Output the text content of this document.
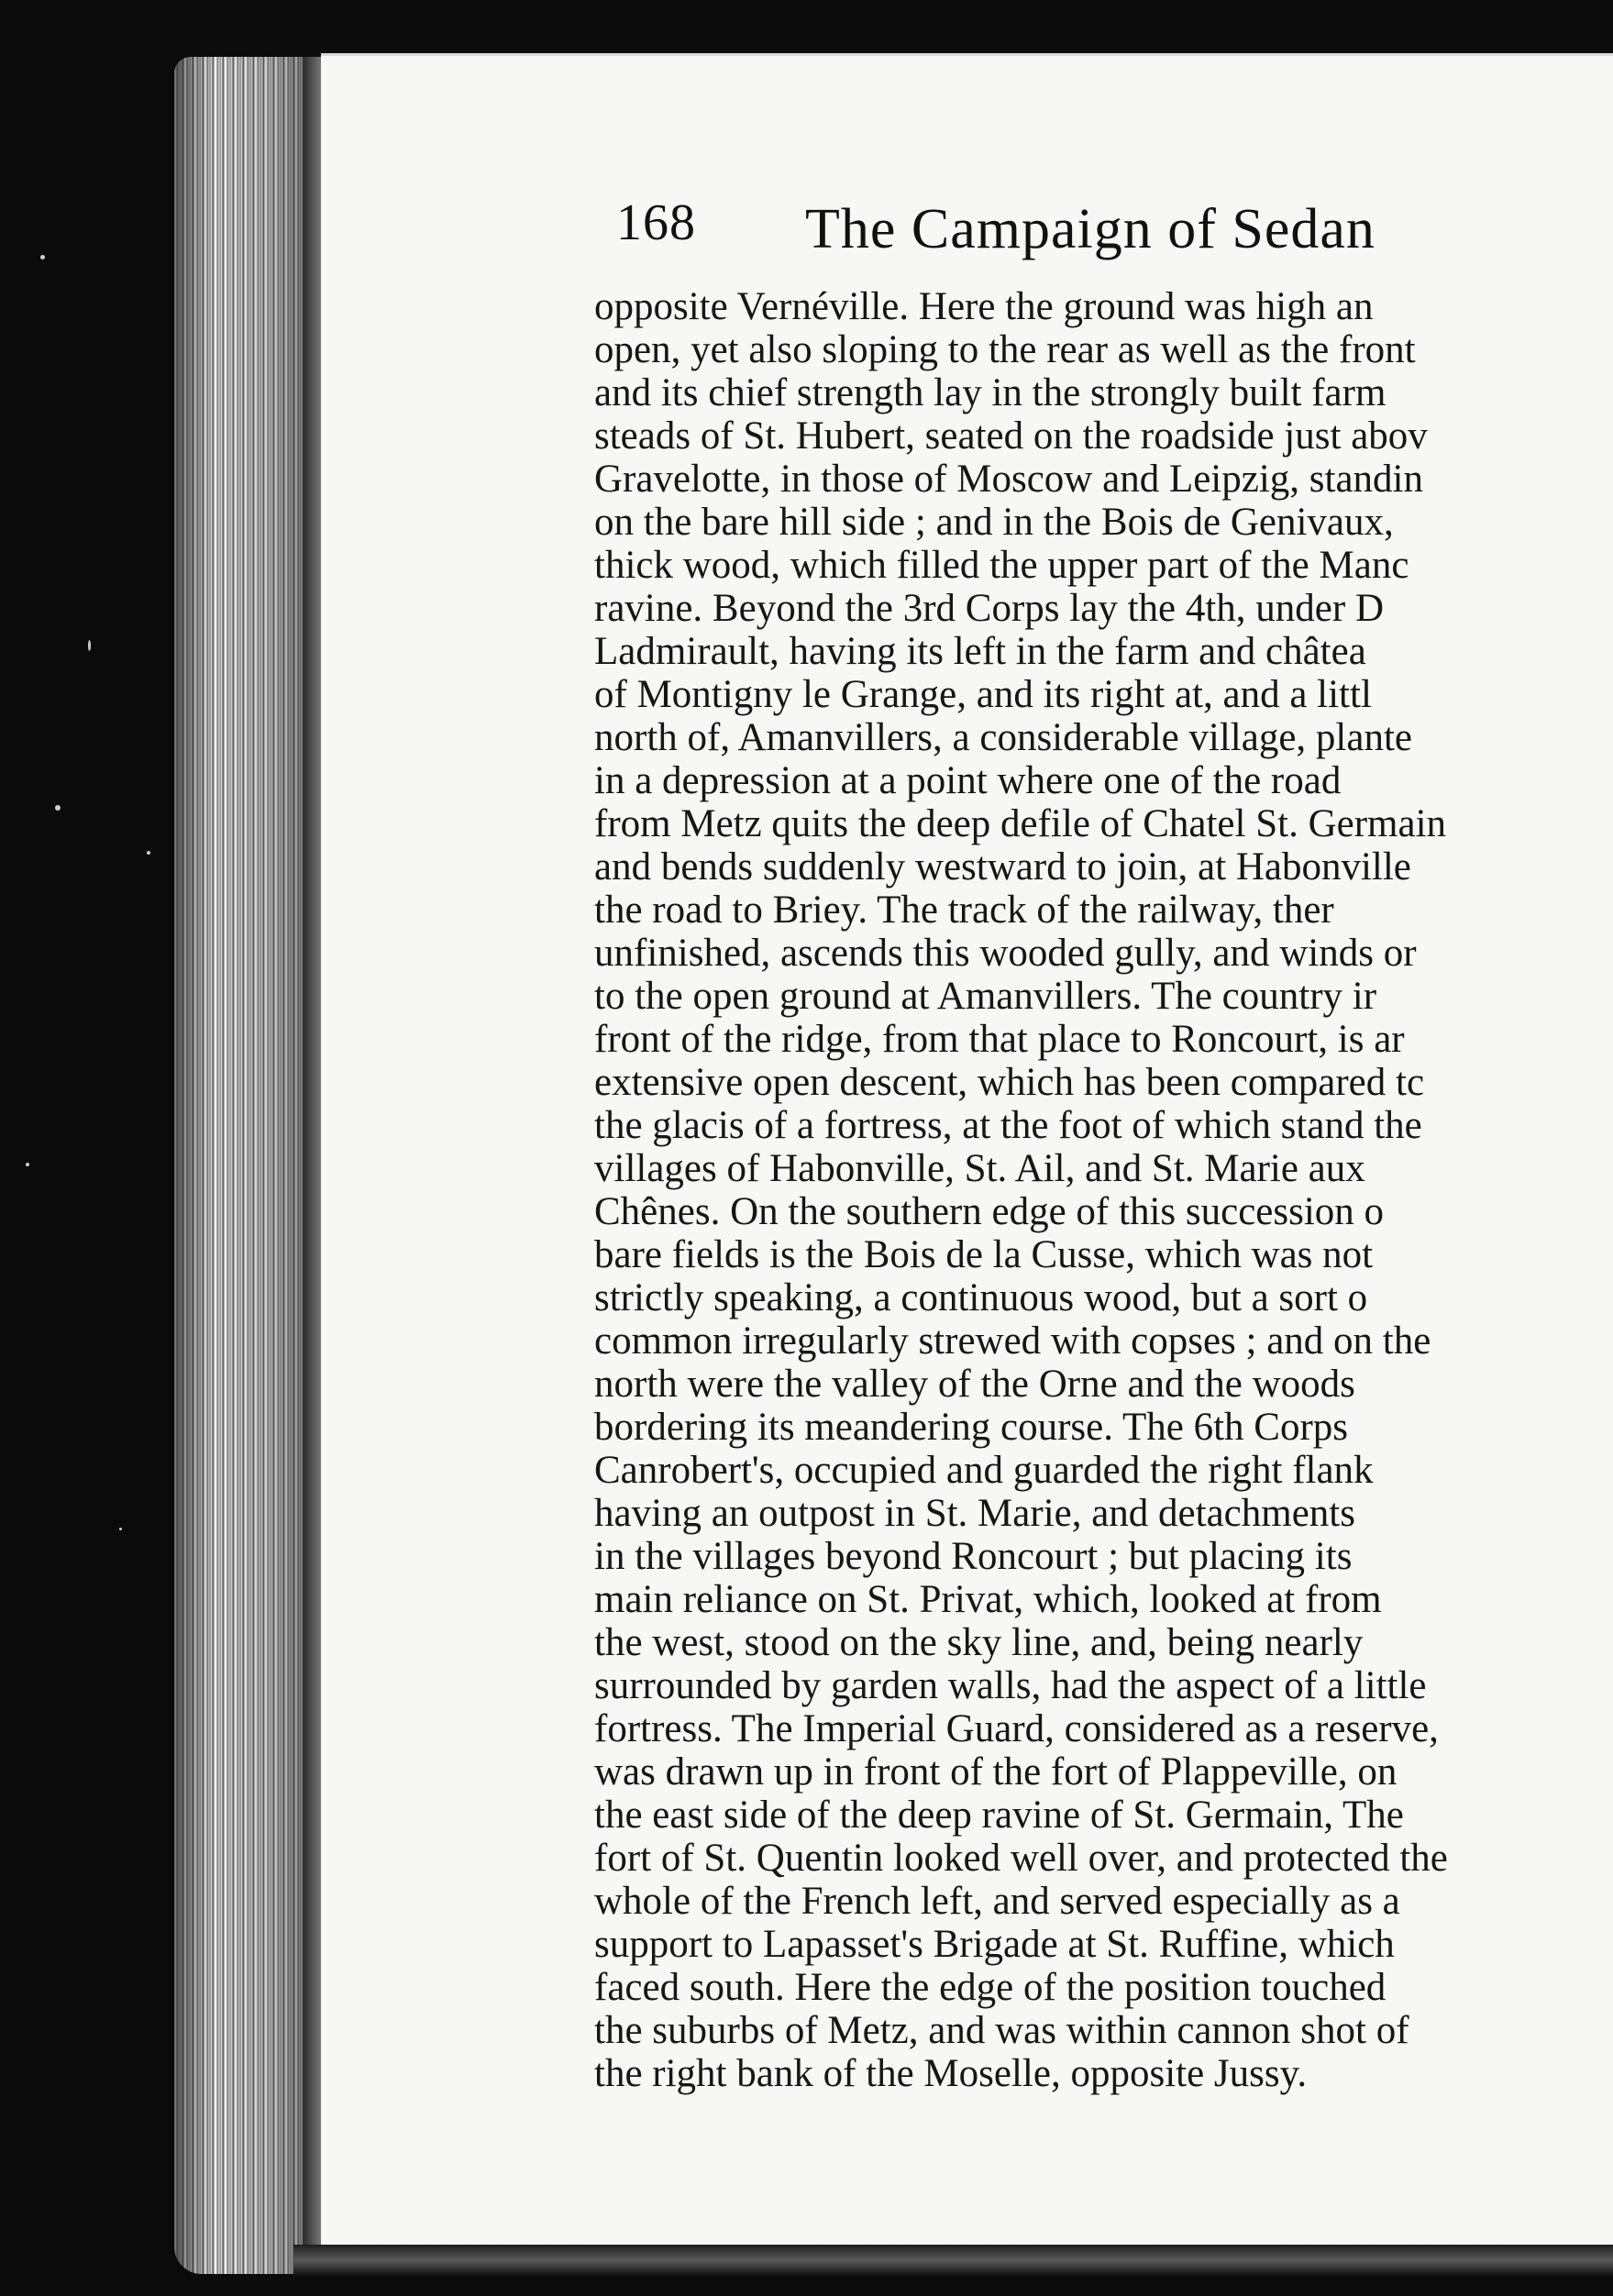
168 The Campaign of Sedan

opposite Vernéville. Here the ground was high an
open, yet also sloping to the rear as well as the front
and its chief strength lay in the strongly built farm
steads of St. Hubert, seated on the roadside just abov
Gravelotte, in those of Moscow and Leipzig, standin
on the bare hill side ; and in the Bois de Genivaux,
thick wood, which filled the upper part of the Manc
ravine. Beyond the 3rd Corps lay the 4th, under D
Ladmirault, having its left in the farm and châtea
of Montigny le Grange, and its right at, and a littl
north of, Amanvillers, a considerable village, plante
in a depression at a point where one of the road
from Metz quits the deep defile of Chatel St. Germain
and bends suddenly westward to join, at Habonville
the road to Briey. The track of the railway, ther
unfinished, ascends this wooded gully, and winds or
to the open ground at Amanvillers. The country ir
front of the ridge, from that place to Roncourt, is ar
extensive open descent, which has been compared tc
the glacis of a fortress, at the foot of which stand the
villages of Habonville, St. Ail, and St. Marie aux
Chênes. On the southern edge of this succession o
bare fields is the Bois de la Cusse, which was not
strictly speaking, a continuous wood, but a sort o
common irregularly strewed with copses ; and on the
north were the valley of the Orne and the woods
bordering its meandering course. The 6th Corps
Canrobert's, occupied and guarded the right flank
having an outpost in St. Marie, and detachments
in the villages beyond Roncourt ; but placing its
main reliance on St. Privat, which, looked at from
the west, stood on the sky line, and, being nearly
surrounded by garden walls, had the aspect of a little
fortress. The Imperial Guard, considered as a reserve,
was drawn up in front of the fort of Plappeville, on
the east side of the deep ravine of St. Germain, The
fort of St. Quentin looked well over, and protected the
whole of the French left, and served especially as a
support to Lapasset's Brigade at St. Ruffine, which
faced south. Here the edge of the position touched
the suburbs of Metz, and was within cannon shot of
the right bank of the Moselle, opposite Jussy.
